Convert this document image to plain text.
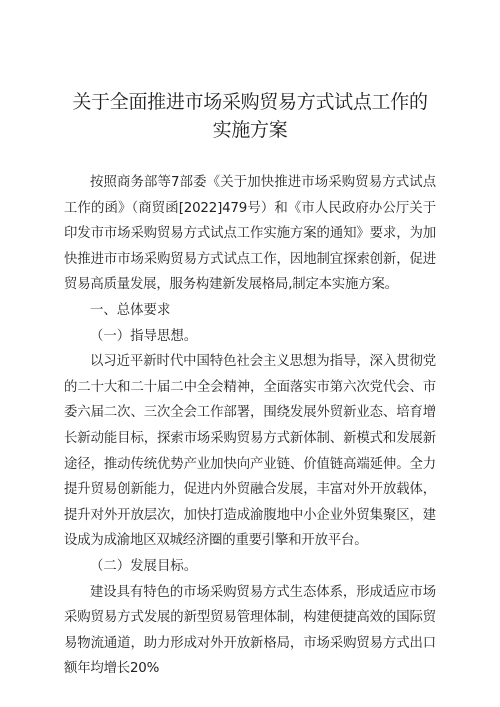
关于全面推进市场采购贸易方式试点工作的实施方案

按照商务部等7部委《关于加快推进市场采购贸易方式试点工作的函》（商贸函[2022]479号）和《市人民政府办公厅关于印发市市场采购贸易方式试点工作实施方案的通知》要求，为加快推进市市场采购贸易方式试点工作，因地制宜探索创新，促进贸易高质量发展，服务构建新发展格局,制定本实施方案。

一、总体要求

（一）指导思想。

以习近平新时代中国特色社会主义思想为指导，深入贯彻党的二十大和二十届二中全会精神，全面落实市第六次党代会、市委六届二次、三次全会工作部署，围绕发展外贸新业态、培育增长新动能目标，探索市场采购贸易方式新体制、新模式和发展新途径，推动传统优势产业加快向产业链、价值链高端延伸。全力提升贸易创新能力，促进内外贸融合发展，丰富对外开放载体，提升对外开放层次，加快打造成渝腹地中小企业外贸集聚区，建设成为成渝地区双城经济圈的重要引擎和开放平台。

（二）发展目标。

建设具有特色的市场采购贸易方式生态体系，形成适应市场采购贸易方式发展的新型贸易管理体制，构建便捷高效的国际贸易物流通道，助力形成对外开放新格局，市场采购贸易方式出口额年均增长20%
